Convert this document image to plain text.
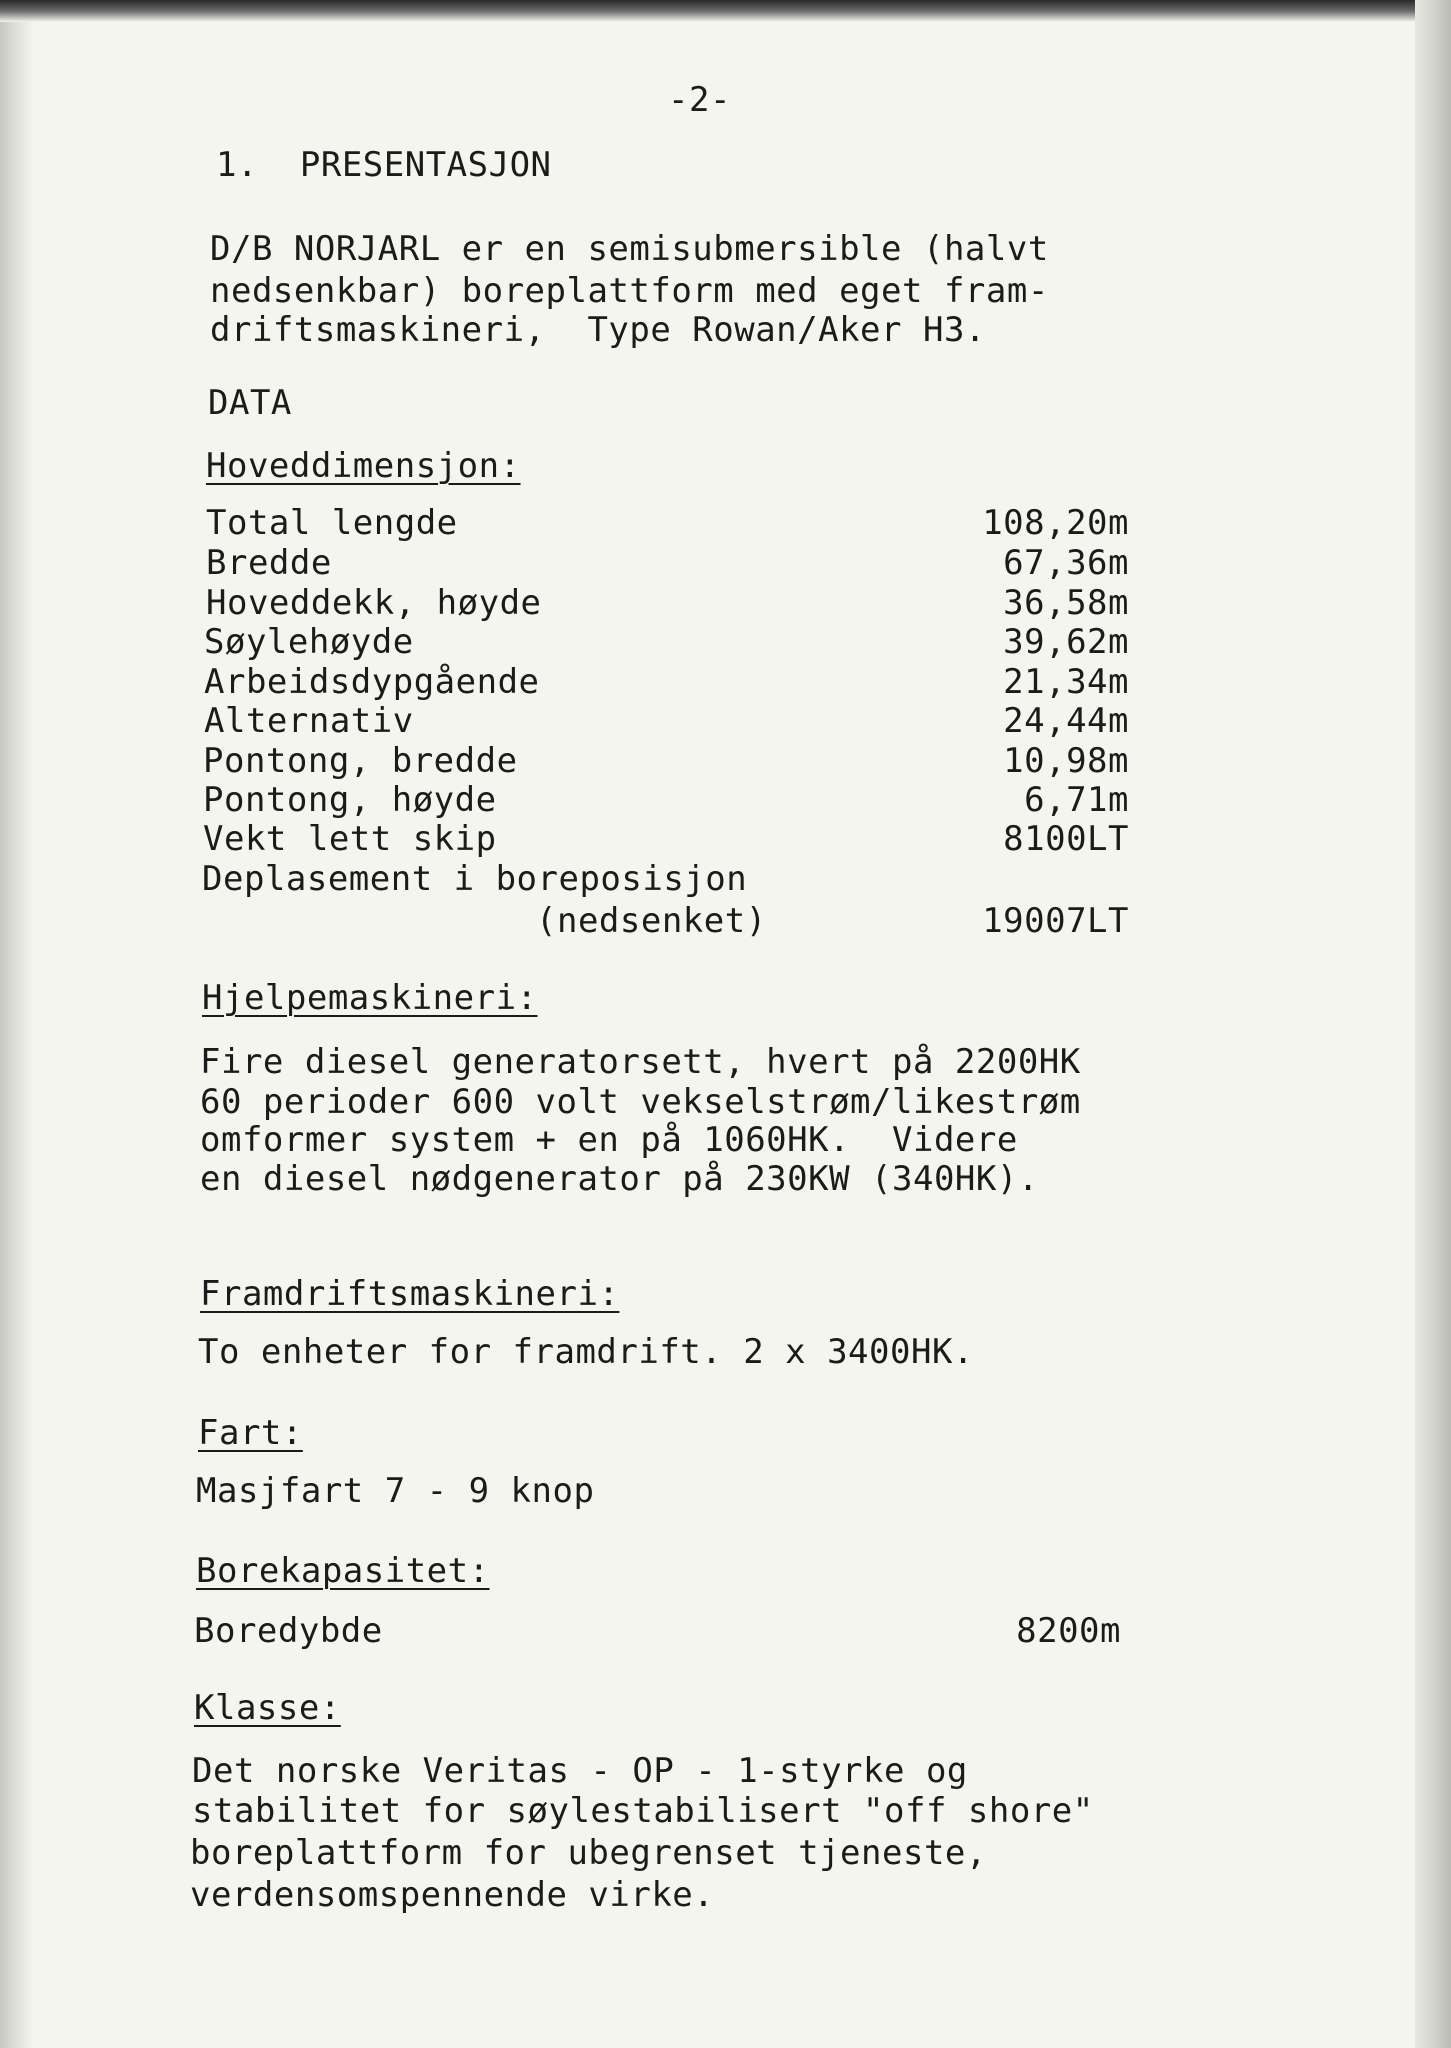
-2-
1.  PRESENTASJON
D/B NORJARL er en semisubmersible (halvt
nedsenkbar) boreplattform med eget fram-
driftsmaskineri,  Type Rowan/Aker H3.
DATA
Hoveddimensjon:
Total lengde	108,20m
Bredde	67,36m
Hoveddekk, høyde	36,58m
Søylehøyde	39,62m
Arbeidsdypgående	21,34m
Alternativ	24,44m
Pontong, bredde	10,98m
Pontong, høyde	6,71m
Vekt lett skip	8100LT
Deplasement i boreposisjon
(nedsenket)	19007LT
Hjelpemaskineri:
Fire diesel generatorsett, hvert på 2200HK
60 perioder 600 volt vekselstrøm/likestrøm
omformer system + en på 1060HK.  Videre
en diesel nødgenerator på 230KW (340HK).
Framdriftsmaskineri:
To enheter for framdrift. 2 x 3400HK.
Fart:
Masjfart 7 - 9 knop
Borekapasitet:
Boredybde	8200m
Klasse:
Det norske Veritas - OP - 1-styrke og
stabilitet for søylestabilisert "off shore"
boreplattform for ubegrenset tjeneste,
verdensomspennende virke.
